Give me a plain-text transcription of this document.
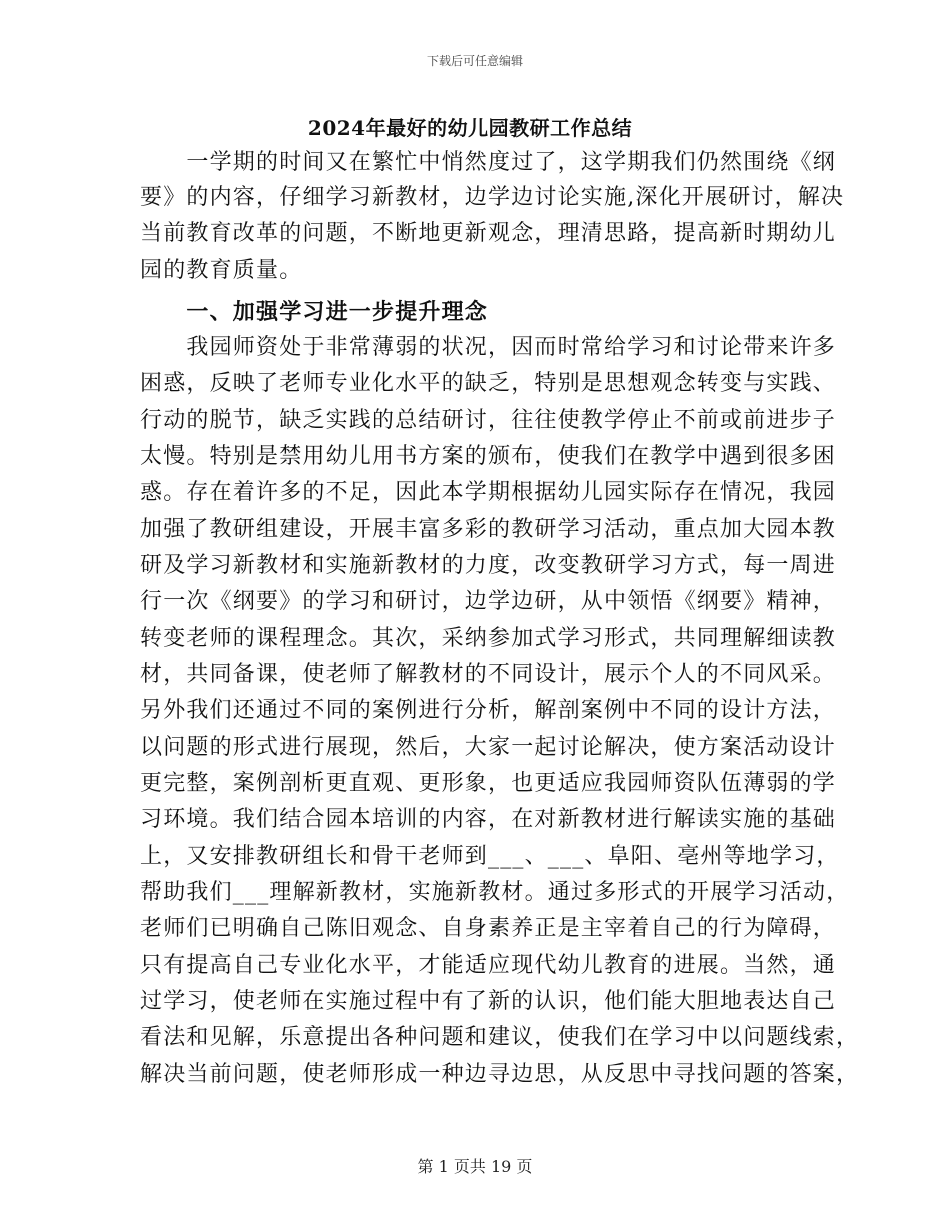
下载后可任意编辑
2024年最好的幼儿园教研工作总结
　　一学期的时间又在繁忙中悄然度过了，这学期我们仍然围绕《纲
要》的内容，仔细学习新教材，边学边讨论实施,深化开展研讨，解决
当前教育改革的问题，不断地更新观念，理清思路，提高新时期幼儿
园的教育质量。
　　一、加强学习进一步提升理念
　　我园师资处于非常薄弱的状况，因而时常给学习和讨论带来许多
困惑，反映了老师专业化水平的缺乏，特别是思想观念转变与实践、
行动的脱节，缺乏实践的总结研讨，往往使教学停止不前或前进步子
太慢。特别是禁用幼儿用书方案的颁布，使我们在教学中遇到很多困
惑。存在着许多的不足，因此本学期根据幼儿园实际存在情况，我园
加强了教研组建设，开展丰富多彩的教研学习活动，重点加大园本教
研及学习新教材和实施新教材的力度，改变教研学习方式，每一周进
行一次《纲要》的学习和研讨，边学边研，从中领悟《纲要》精神，
转变老师的课程理念。其次，采纳参加式学习形式，共同理解细读教
材，共同备课，使老师了解教材的不同设计，展示个人的不同风采。
另外我们还通过不同的案例进行分析，解剖案例中不同的设计方法，
以问题的形式进行展现，然后，大家一起讨论解决，使方案活动设计
更完整，案例剖析更直观、更形象，也更适应我园师资队伍薄弱的学
习环境。我们结合园本培训的内容，在对新教材进行解读实施的基础
上，又安排教研组长和骨干老师到___、___、阜阳、亳州等地学习，
帮助我们___理解新教材，实施新教材。通过多形式的开展学习活动，
老师们已明确自己陈旧观念、自身素养正是主宰着自己的行为障碍，
只有提高自己专业化水平，才能适应现代幼儿教育的进展。当然，通
过学习，使老师在实施过程中有了新的认识，他们能大胆地表达自己
看法和见解，乐意提出各种问题和建议，使我们在学习中以问题线索，
解决当前问题，使老师形成一种边寻边思，从反思中寻找问题的答案，
第 1 页共 19 页
